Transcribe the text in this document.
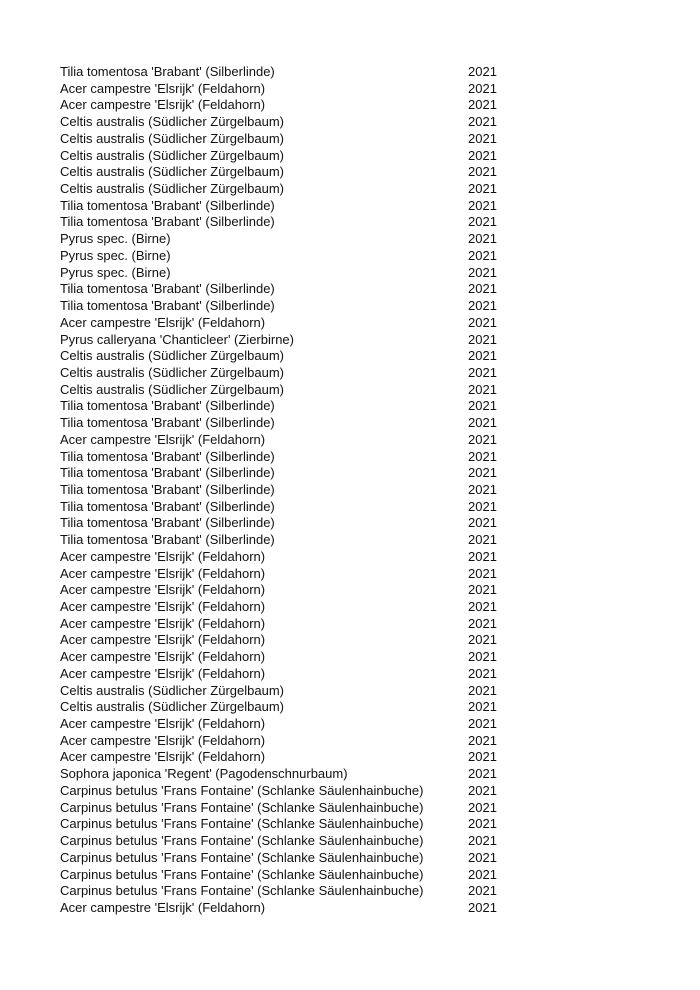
Tilia tomentosa 'Brabant' (Silberlinde)	2021
Acer campestre 'Elsrijk' (Feldahorn)	2021
Acer campestre 'Elsrijk' (Feldahorn)	2021
Celtis australis (Südlicher Zürgelbaum)	2021
Celtis australis (Südlicher Zürgelbaum)	2021
Celtis australis (Südlicher Zürgelbaum)	2021
Celtis australis (Südlicher Zürgelbaum)	2021
Celtis australis (Südlicher Zürgelbaum)	2021
Tilia tomentosa 'Brabant' (Silberlinde)	2021
Tilia tomentosa 'Brabant' (Silberlinde)	2021
Pyrus spec. (Birne)	2021
Pyrus spec. (Birne)	2021
Pyrus spec. (Birne)	2021
Tilia tomentosa 'Brabant' (Silberlinde)	2021
Tilia tomentosa 'Brabant' (Silberlinde)	2021
Acer campestre 'Elsrijk' (Feldahorn)	2021
Pyrus calleryana 'Chanticleer' (Zierbirne)	2021
Celtis australis (Südlicher Zürgelbaum)	2021
Celtis australis (Südlicher Zürgelbaum)	2021
Celtis australis (Südlicher Zürgelbaum)	2021
Tilia tomentosa 'Brabant' (Silberlinde)	2021
Tilia tomentosa 'Brabant' (Silberlinde)	2021
Acer campestre 'Elsrijk' (Feldahorn)	2021
Tilia tomentosa 'Brabant' (Silberlinde)	2021
Tilia tomentosa 'Brabant' (Silberlinde)	2021
Tilia tomentosa 'Brabant' (Silberlinde)	2021
Tilia tomentosa 'Brabant' (Silberlinde)	2021
Tilia tomentosa 'Brabant' (Silberlinde)	2021
Tilia tomentosa 'Brabant' (Silberlinde)	2021
Acer campestre 'Elsrijk' (Feldahorn)	2021
Acer campestre 'Elsrijk' (Feldahorn)	2021
Acer campestre 'Elsrijk' (Feldahorn)	2021
Acer campestre 'Elsrijk' (Feldahorn)	2021
Acer campestre 'Elsrijk' (Feldahorn)	2021
Acer campestre 'Elsrijk' (Feldahorn)	2021
Acer campestre 'Elsrijk' (Feldahorn)	2021
Acer campestre 'Elsrijk' (Feldahorn)	2021
Celtis australis (Südlicher Zürgelbaum)	2021
Celtis australis (Südlicher Zürgelbaum)	2021
Acer campestre 'Elsrijk' (Feldahorn)	2021
Acer campestre 'Elsrijk' (Feldahorn)	2021
Acer campestre 'Elsrijk' (Feldahorn)	2021
Sophora japonica 'Regent' (Pagodenschnurbaum)	2021
Carpinus betulus 'Frans Fontaine' (Schlanke Säulenhainbuche)	2021
Carpinus betulus 'Frans Fontaine' (Schlanke Säulenhainbuche)	2021
Carpinus betulus 'Frans Fontaine' (Schlanke Säulenhainbuche)	2021
Carpinus betulus 'Frans Fontaine' (Schlanke Säulenhainbuche)	2021
Carpinus betulus 'Frans Fontaine' (Schlanke Säulenhainbuche)	2021
Carpinus betulus 'Frans Fontaine' (Schlanke Säulenhainbuche)	2021
Carpinus betulus 'Frans Fontaine' (Schlanke Säulenhainbuche)	2021
Acer campestre 'Elsrijk' (Feldahorn)	2021
